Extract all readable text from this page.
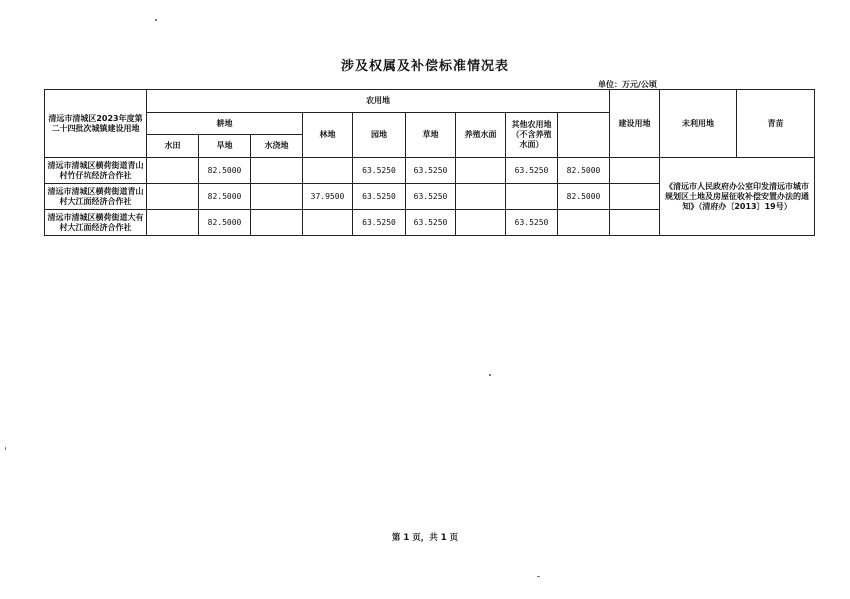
涉及权属及补偿标准情况表
单位：万元/公顷
清远市清城区2023年度第二十四批次城镇建设用地	农用地									建设用地	未利用地	青苗	
	耕地			林地	园地	草地	养殖水面	其他农用地（不含养殖水面）					
	水田	旱地	水浇地										
清远市清城区横荷街道青山村竹仔坑经济合作社		82.5000			63.5250	63.5250		63.5250	82.5000		《清远市人民政府办公室印发清远市城市规划区土地及房屋征收补偿安置办法的通知》（清府办〔2013〕19号）		
清远市清城区横荷街道青山村大江面经济合作社		82.5000		37.9500	63.5250	63.5250			82.5000				
清远市清城区横荷街道大有村大江面经济合作社		82.5000			63.5250	63.5250		63.5250					
第 1 页，共 1 页
